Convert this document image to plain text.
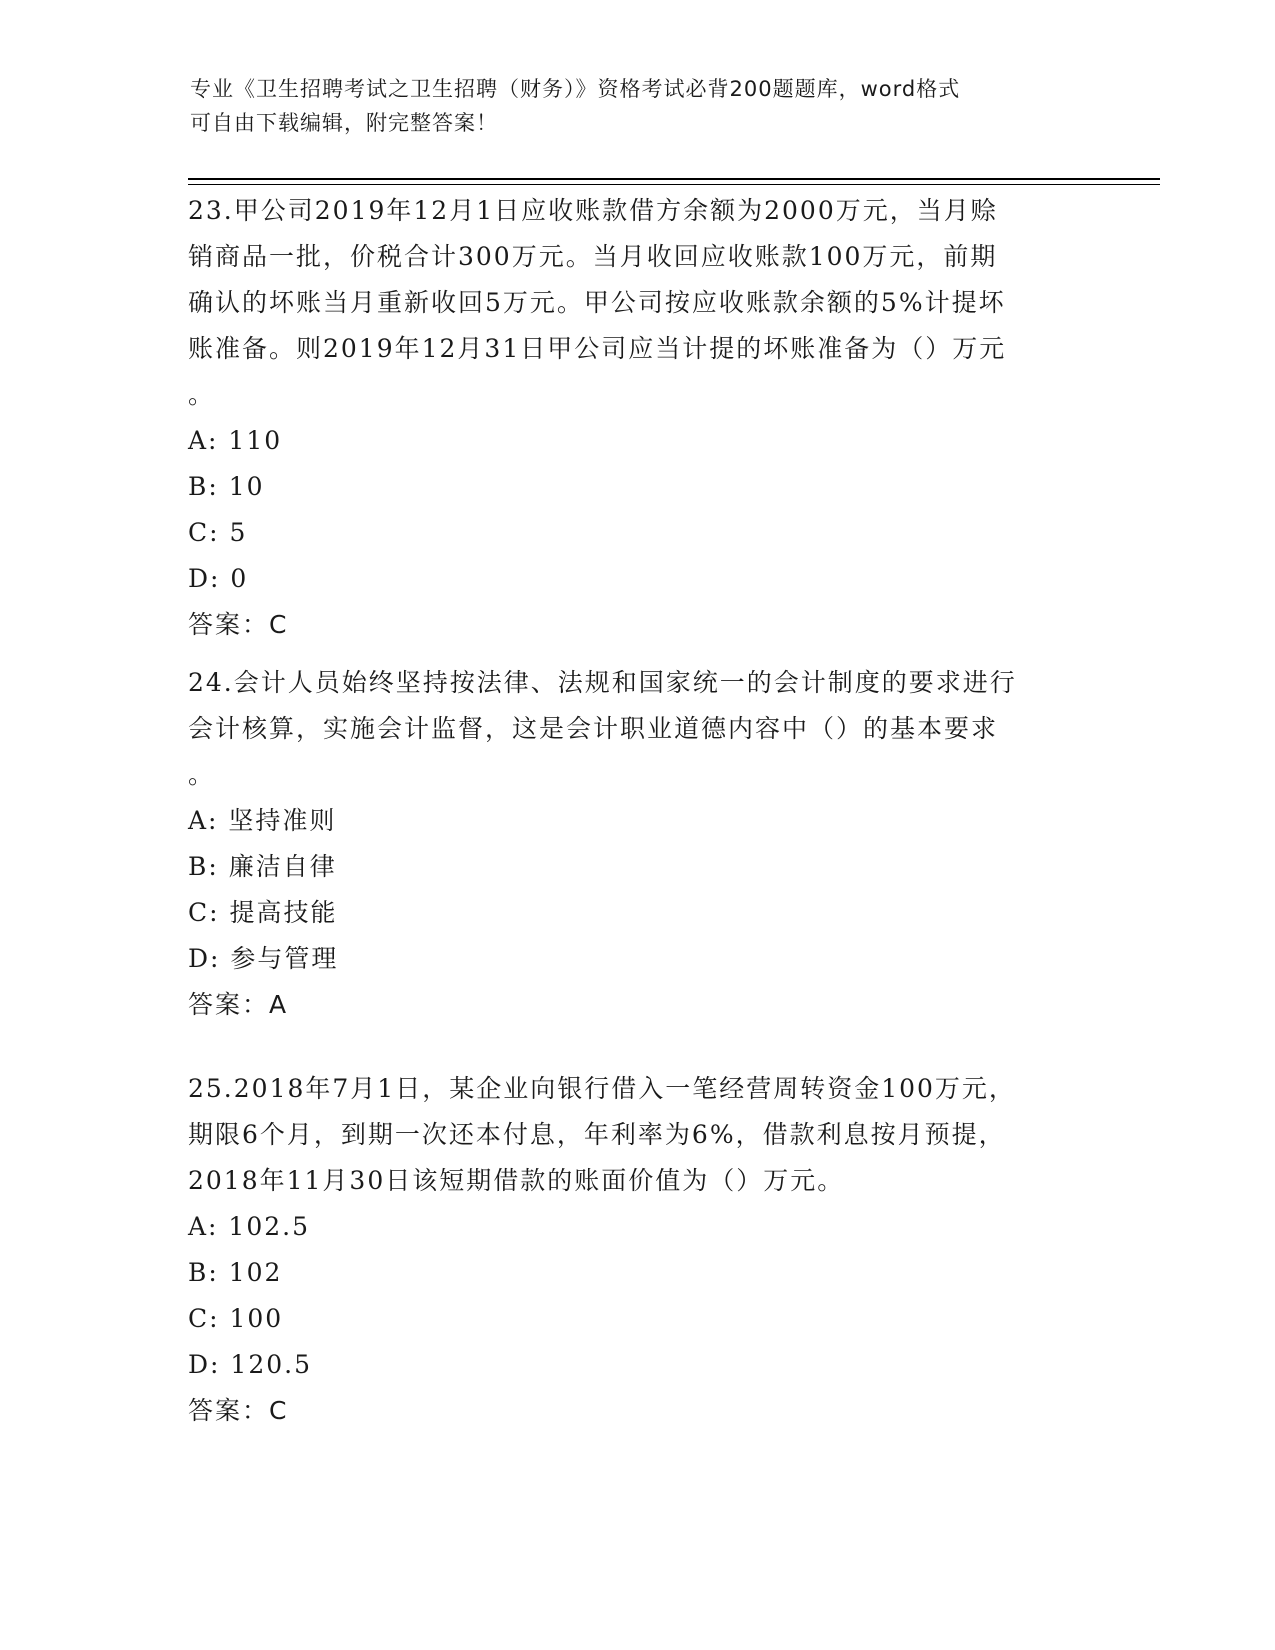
专业《卫生招聘考试之卫生招聘（财务）》资格考试必背200题题库，word格式
可自由下载编辑，附完整答案！
23.甲公司2019年12月1日应收账款借方余额为2000万元，当月赊
销商品一批，价税合计300万元。当月收回应收账款100万元，前期
确认的坏账当月重新收回5万元。甲公司按应收账款余额的5%计提坏
账准备。则2019年12月31日甲公司应当计提的坏账准备为（）万元
。
A: 110
B: 10
C: 5
D: 0
答案：C
24.会计人员始终坚持按法律、法规和国家统一的会计制度的要求进行
会计核算，实施会计监督，这是会计职业道德内容中（）的基本要求
。
A: 坚持准则
B: 廉洁自律
C: 提高技能
D: 参与管理
答案：A
25.2018年7月1日，某企业向银行借入一笔经营周转资金100万元，
期限6个月，到期一次还本付息，年利率为6%，借款利息按月预提，
2018年11月30日该短期借款的账面价值为（）万元。
A: 102.5
B: 102
C: 100
D: 120.5
答案：C
